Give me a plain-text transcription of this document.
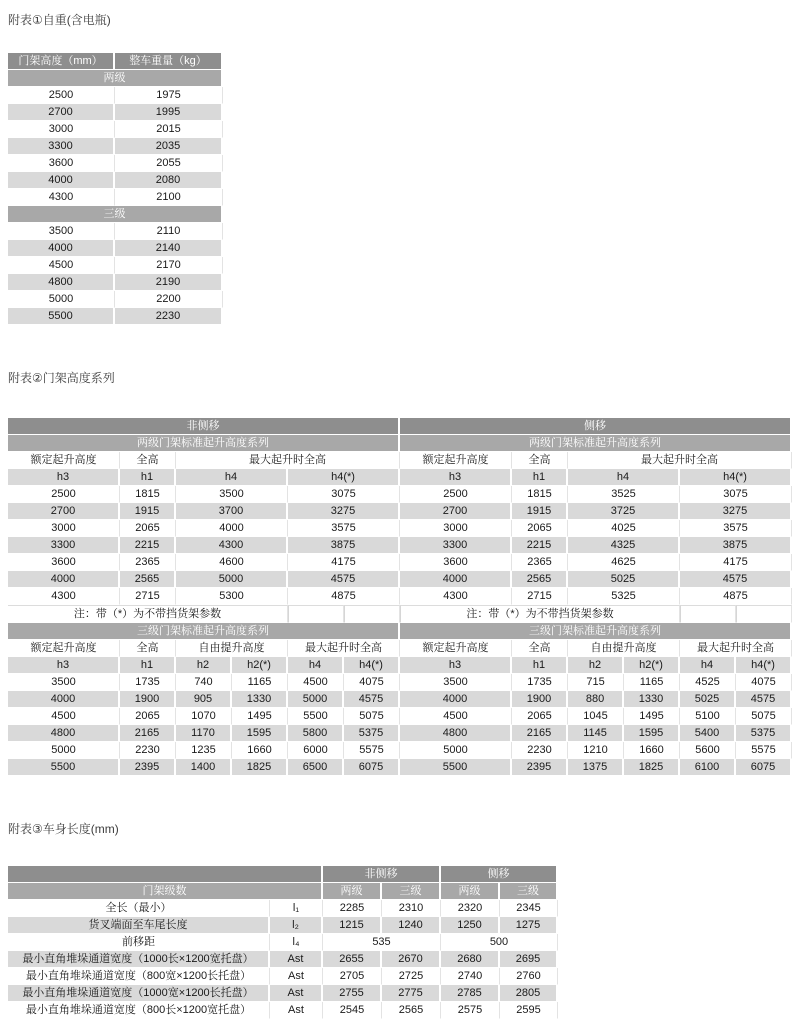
附表①自重(含电瓶)
门架高度（mm）	整车重量（kg）
两级	
2500	1975
2700	1995
3000	2015
3300	2035
3600	2055
4000	2080
4300	2100
三级	
3500	2110
4000	2140
4500	2170
4800	2190
5000	2200
5500	2230
附表②门架高度系列
非侧移						侧移					
两级门架标准起升高度系列						两级门架标准起升高度系列					
额定起升高度	全高	最大起升时全高				额定起升高度	全高	最大起升时全高			
h3	h1	h4		h4(*)		h3	h1	h4		h4(*)	
2500	1815	3500		3075		2500	1815	3525		3075	
2700	1915	3700		3275		2700	1915	3725		3275	
3000	2065	4000		3575		3000	2065	4025		3575	
3300	2215	4300		3875		3300	2215	4325		3875	
3600	2365	4600		4175		3600	2365	4625		4175	
4000	2565	5000		4575		4000	2565	5025		4575	
4300	2715	5300		4875		4300	2715	5325		4875	
注：带（*）为不带挡货架参数						注：带（*）为不带挡货架参数					
三级门架标准起升高度系列						三级门架标准起升高度系列					
额定起升高度	全高	自由提升高度		最大起升时全高		额定起升高度	全高	自由提升高度		最大起升时全高	
h3	h1	h2	h2(*)	h4	h4(*)	h3	h1	h2	h2(*)	h4	h4(*)
3500	1735	740	1165	4500	4075	3500	1735	715	1165	4525	4075
4000	1900	905	1330	5000	4575	4000	1900	880	1330	5025	4575
4500	2065	1070	1495	5500	5075	4500	2065	1045	1495	5100	5075
4800	2165	1170	1595	5800	5375	4800	2165	1145	1595	5400	5375
5000	2230	1235	1660	6000	5575	5000	2230	1210	1660	5600	5575
5500	2395	1400	1825	6500	6075	5500	2395	1375	1825	6100	6075
附表③车身长度(mm)
		非侧移		侧移	
门架级数		两级	三级	两级	三级
全长（最小）	l₁	2285	2310	2320	2345
货叉端面至车尾长度	l₂	1215	1240	1250	1275
前移距	l₄	535		500	
最小直角堆垛通道宽度（1000长×1200宽托盘）	Ast	2655	2670	2680	2695
最小直角堆垛通道宽度（800宽×1200长托盘）	Ast	2705	2725	2740	2760
最小直角堆垛通道宽度（1000宽×1200长托盘）	Ast	2755	2775	2785	2805
最小直角堆垛通道宽度（800长×1200宽托盘）	Ast	2545	2565	2575	2595
